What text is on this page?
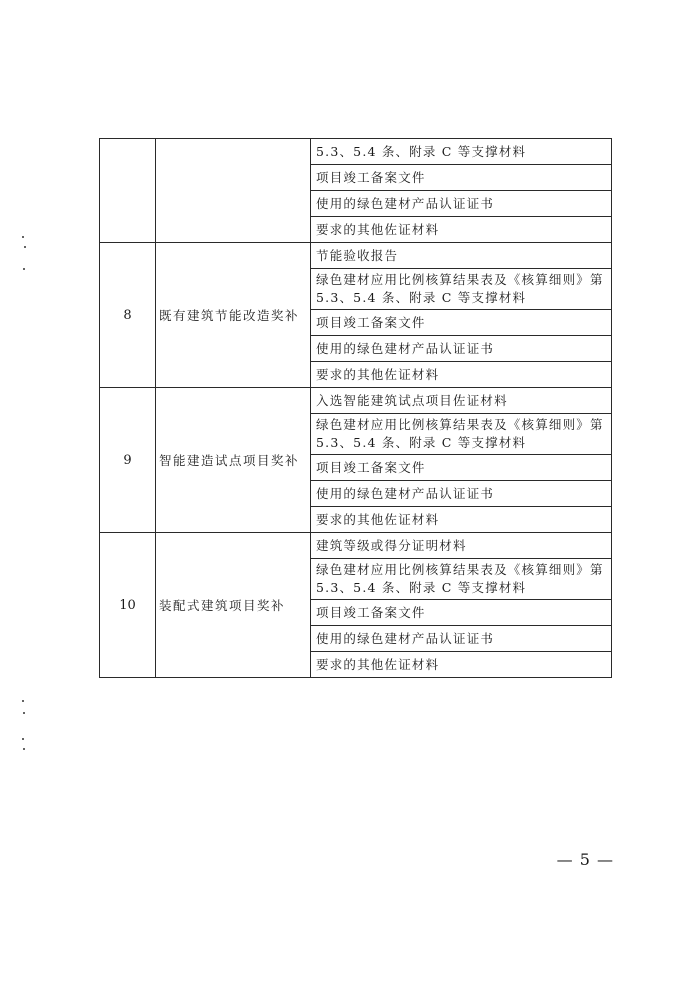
		5.3、5.4 条、附录 C 等支撑材料
		项目竣工备案文件
		使用的绿色建材产品认证证书
		要求的其他佐证材料
8	既有建筑节能改造奖补	节能验收报告
		绿色建材应用比例核算结果表及《核算细则》第5.3、5.4 条、附录 C 等支撑材料
		项目竣工备案文件
		使用的绿色建材产品认证证书
		要求的其他佐证材料
9	智能建造试点项目奖补	入选智能建筑试点项目佐证材料
		绿色建材应用比例核算结果表及《核算细则》第5.3、5.4 条、附录 C 等支撑材料
		项目竣工备案文件
		使用的绿色建材产品认证证书
		要求的其他佐证材料
10	装配式建筑项目奖补	建筑等级或得分证明材料
		绿色建材应用比例核算结果表及《核算细则》第5.3、5.4 条、附录 C 等支撑材料
		项目竣工备案文件
		使用的绿色建材产品认证证书
		要求的其他佐证材料
— 5 —
